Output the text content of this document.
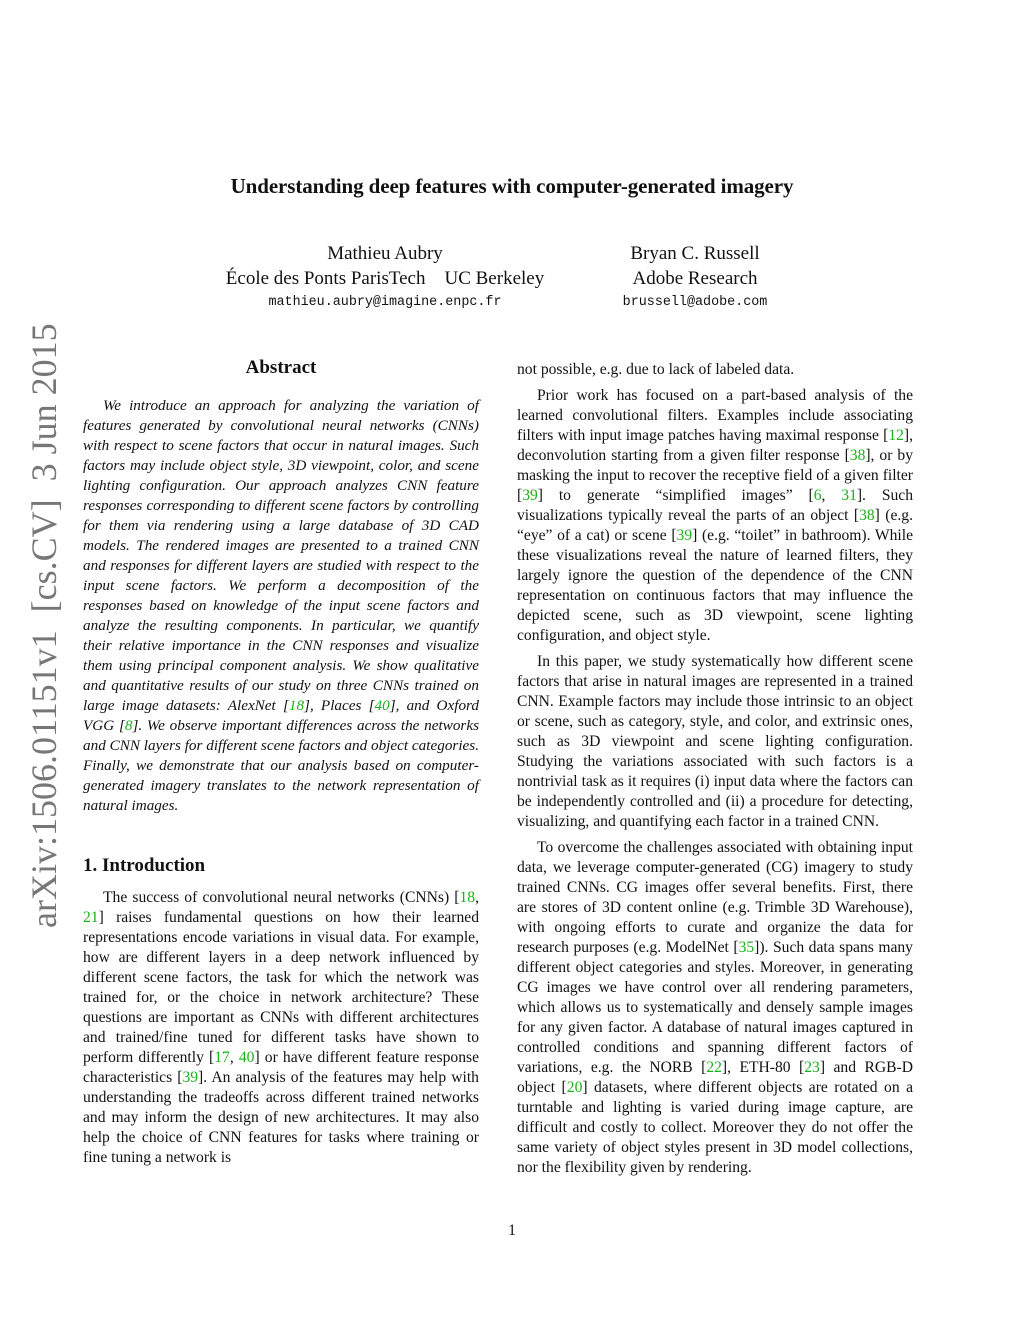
Understanding deep features with computer-generated imagery
Mathieu Aubry
École des Ponts ParisTech    UC Berkeley
mathieu.aubry@imagine.enpc.fr
Bryan C. Russell
Adobe Research
brussell@adobe.com
arXiv:1506.01151v1  [cs.CV]  3 Jun 2015	Abstract
We introduce an approach for analyzing the variation of features generated by convolutional neural networks (CNNs) with respect to scene factors that occur in natural images. Such factors may include object style, 3D viewpoint, color, and scene lighting configuration. Our approach analyzes CNN feature responses corresponding to different scene factors by controlling for them via rendering using a large database of 3D CAD models. The rendered images are presented to a trained CNN and responses for different layers are studied with respect to the input scene factors. We perform a decomposition of the responses based on knowledge of the input scene factors and analyze the resulting components. In particular, we quantify their relative importance in the CNN responses and visualize them using principal component analysis. We show qualitative and quantitative results of our study on three CNNs trained on large image datasets: AlexNet [18], Places [40], and Oxford VGG [8]. We observe important differences across the networks and CNN layers for different scene factors and object categories. Finally, we demonstrate that our analysis based on computer-generated imagery translates to the network representation of natural images.
1. Introduction

The success of convolutional neural networks (CNNs) [18, 21] raises fundamental questions on how their learned representations encode variations in visual data. For example, how are different layers in a deep network influenced by different scene factors, the task for which the network was trained for, or the choice in network architecture? These questions are important as CNNs with different architectures and trained/fine tuned for different tasks have shown to perform differently [17, 40] or have different feature response characteristics [39]. An analysis of the features may help with understanding the tradeoffs across different trained networks and may inform the design of new architectures. It may also help the choice of CNN features for tasks where training or fine tuning a network is

not possible, e.g. due to lack of labeled data.

Prior work has focused on a part-based analysis of the learned convolutional filters. Examples include associating filters with input image patches having maximal response [12], deconvolution starting from a given filter response [38], or by masking the input to recover the receptive field of a given filter [39] to generate “simplified images” [6, 31]. Such visualizations typically reveal the parts of an object [38] (e.g. “eye” of a cat) or scene [39] (e.g. “toilet” in bathroom). While these visualizations reveal the nature of learned filters, they largely ignore the question of the dependence of the CNN representation on continuous factors that may influence the depicted scene, such as 3D viewpoint, scene lighting configuration, and object style.

In this paper, we study systematically how different scene factors that arise in natural images are represented in a trained CNN. Example factors may include those intrinsic to an object or scene, such as category, style, and color, and extrinsic ones, such as 3D viewpoint and scene lighting configuration. Studying the variations associated with such factors is a nontrivial task as it requires (i) input data where the factors can be independently controlled and (ii) a procedure for detecting, visualizing, and quantifying each factor in a trained CNN.

To overcome the challenges associated with obtaining input data, we leverage computer-generated (CG) imagery to study trained CNNs. CG images offer several benefits. First, there are stores of 3D content online (e.g. Trimble 3D Warehouse), with ongoing efforts to curate and organize the data for research purposes (e.g. ModelNet [35]). Such data spans many different object categories and styles. Moreover, in generating CG images we have control over all rendering parameters, which allows us to systematically and densely sample images for any given factor. A database of natural images captured in controlled conditions and spanning different factors of variations, e.g. the NORB [22], ETH-80 [23] and RGB-D object [20] datasets, where different objects are rotated on a turntable and lighting is varied during image capture, are difficult and costly to collect. Moreover they do not offer the same variety of object styles present in 3D model collections, nor the flexibility given by rendering.

1
